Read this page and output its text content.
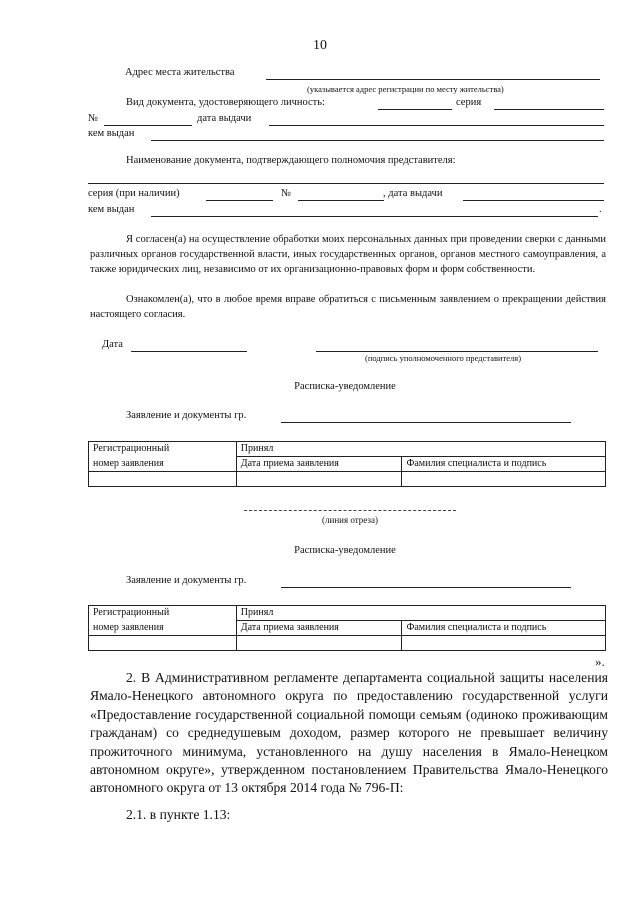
10
Адрес места жительства
(указывается адрес регистрации по месту жительства)
Вид документа, удостоверяющего личность:	серия
№	дата выдачи
кем выдан
Наименование документа, подтверждающего полномочия представителя:
серия (при наличии)	№	, дата выдачи
кем выдан	.
Я согласен(а) на осуществление обработки моих персональных данных при проведении сверки с данными различных органов государственной власти, иных государственных органов, органов местного самоуправления, а также юридических лиц, независимо от их организационно-правовых форм и форм собственности.
Ознакомлен(а), что в любое время вправе обратиться с письменным заявлением о прекращении действия настоящего согласия.
Дата
(подпись уполномоченного представителя)
Расписка-уведомление
Заявление и документы гр.
Регистрационный	Принял	
номер заявления	Дата приема заявления	Фамилия специалиста и подпись

(линия отреза)
Расписка-уведомление
Заявление и документы гр.
Регистрационный	Принял	
номер заявления	Дата приема заявления	Фамилия специалиста и подпись

».
2. В Административном регламенте департамента социальной защиты населения Ямало-Ненецкого автономного округа по предоставлению государственной услуги «Предоставление государственной социальной помощи семьям (одиноко проживающим гражданам) со среднедушевым доходом, размер которого не превышает величину прожиточного минимума, установленного на душу населения в Ямало-Ненецком автономном округе», утвержденном постановлением Правительства Ямало-Ненецкого автономного округа от 13 октября 2014 года № 796-П:
2.1. в пункте 1.13:
